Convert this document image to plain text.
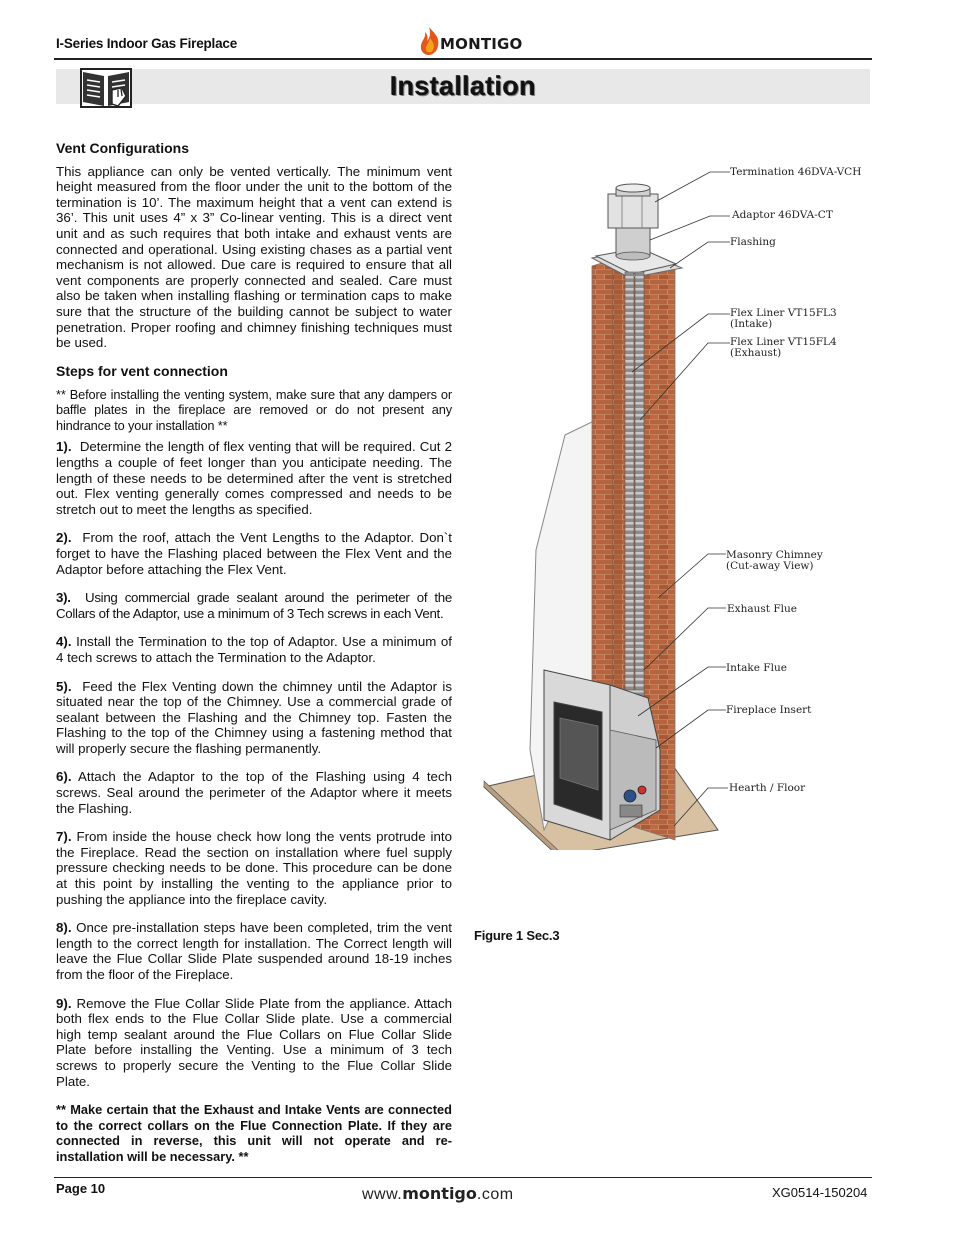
I-Series Indoor Gas Fireplace	MONTIGO
Installation
Vent Configurations

This appliance can only be vented vertically. The minimum vent height measured from the floor under the unit to the bottom of the termination is 10’. The maximum height that a vent can extend is 36’. This unit uses 4” x 3” Co-linear venting. This is a direct vent unit and as such requires that both intake and exhaust vents are connected and operational. Using existing chases as a partial vent mechanism is not allowed. Due care is required to ensure that all vent components are properly connected and sealed. Care must also be taken when installing flashing or termination caps to make sure that the structure of the building cannot be subject to water penetration. Proper roofing and chimney finishing techniques must be used.

Steps for vent connection

** Before installing the venting system, make sure that any dampers or baffle plates in the fireplace are removed or do not present any hindrance to your installation **

1). Determine the length of flex venting that will be required. Cut 2 lengths a couple of feet longer than you anticipate needing. The length of these needs to be determined after the vent is stretched out. Flex venting generally comes compressed and needs to be stretch out to meet the lengths as specified.

2). From the roof, attach the Vent Lengths to the Adaptor. Don`t forget to have the Flashing placed between the Flex Vent and the Adaptor before attaching the Flex Vent.

3). Using commercial grade sealant around the perimeter of the Collars of the Adaptor, use a minimum of 3 Tech screws in each Vent.

4). Install the Termination to the top of Adaptor. Use a minimum of 4 tech screws to attach the Termination to the Adaptor.

5). Feed the Flex Venting down the chimney until the Adaptor is situated near the top of the Chimney. Use a commercial grade of sealant between the Flashing and the Chimney top. Fasten the Flashing to the top of the Chimney using a fastening method that will properly secure the flashing permanently.

6). Attach the Adaptor to the top of the Flashing using 4 tech screws. Seal around the perimeter of the Adaptor where it meets the Flashing.

7). From inside the house check how long the vents protrude into the Fireplace. Read the section on installation where fuel supply pressure checking needs to be done. This procedure can be done at this point by installing the venting to the appliance prior to pushing the appliance into the fireplace cavity.

8). Once pre-installation steps have been completed, trim the vent length to the correct length for installation. The Correct length will leave the Flue Collar Slide Plate suspended around 18-19 inches from the floor of the Fireplace.

9). Remove the Flue Collar Slide Plate from the appliance. Attach both flex ends to the Flue Collar Slide plate. Use a commercial high temp sealant around the Flue Collars on Flue Collar Slide Plate before installing the Venting. Use a minimum of 3 tech screws to properly secure the Venting to the Flue Collar Slide Plate.

** Make certain that the Exhaust and Intake Vents are connected to the correct collars on the Flue Connection Plate. If they are connected in reverse, this unit will not operate and re-installation will be necessary. **

Termination 46DVA-VCH
Adaptor 46DVA-CT
Flashing
Flex Liner VT15FL3
(Intake)
Flex Liner VT15FL4
(Exhaust)
Masonry Chimney
(Cut-away View)
Exhaust Flue
Intake Flue
Fireplace Insert
Hearth / Floor
Figure 1 Sec.3
Page 10	www.montigo.com	XG0514-150204
